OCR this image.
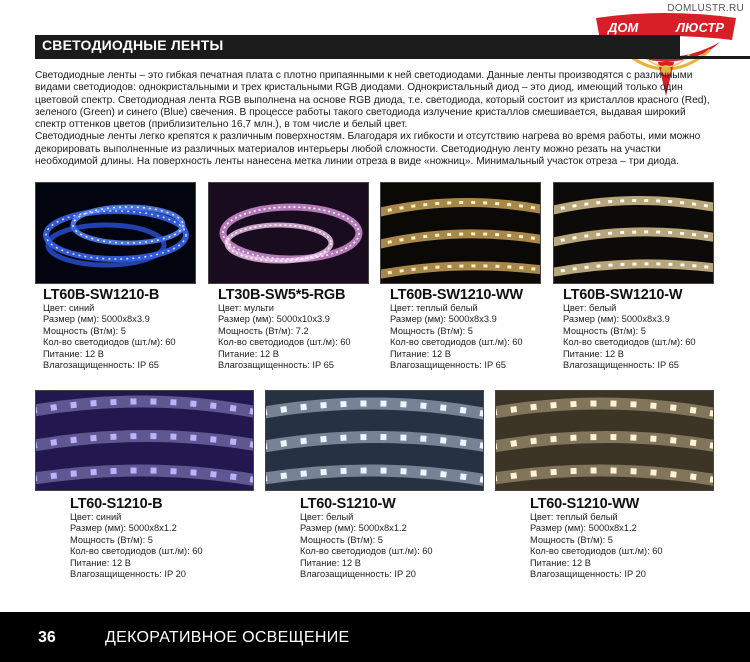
DOMLUSTR.RU
ДОМ	ЛЮСТР
СВЕТОДИОДНЫЕ ЛЕНТЫ

Светодиодные ленты – это гибкая печатная плата с плотно припаянными к ней светодиодами. Данные ленты производятся с различными видами светодиодов: однокристальными и трех кристальными RGB диодами. Однокристальный диод – это диод, имеющий только один цветовой спектр. Светодиодная лента RGB выполнена на основе RGB диода, т.е. светодиода, который состоит из кристаллов красного (Red), зеленого (Green) и синего (Blue) свечения. В процессе работы такого светодиода излучение кристаллов смешивается, выдавая широкий спектр оттенков цветов (приблизительно 16,7 млн.), в том числе и белый цвет.

Светодиодные ленты легко крепятся к различным поверхностям. Благодаря их гибкости и отсутствию нагрева во время работы, ими можно декорировать выполненные из различных материалов интерьеры любой сложности. Светодиодную ленту можно резать на участки необходимой длины. На поверхность ленты нанесена метка линии отреза в виде «ножниц». Минимальный участок отреза – три диода.

LT60B-SW1210-B
Цвет: синий
Размер (мм): 5000x8x3.9
Мощность (Вт/м): 5
Кол-во светодиодов (шт./м): 60
Питание: 12 В
Влагозащищенность: IP 65
LT30B-SW5*5-RGB
Цвет: мульти
Размер (мм): 5000x10x3.9
Мощность (Вт/м): 7.2
Кол-во светодиодов (шт./м): 60
Питание: 12 В
Влагозащищенность: IP 65
LT60B-SW1210-WW
Цвет: теплый белый
Размер (мм): 5000x8x3.9
Мощность (Вт/м): 5
Кол-во светодиодов (шт./м): 60
Питание: 12 В
Влагозащищенность: IP 65
LT60B-SW1210-W
Цвет: белый
Размер (мм): 5000x8x3.9
Мощность (Вт/м): 5
Кол-во светодиодов (шт./м): 60
Питание: 12 В
Влагозащищенность: IP 65
LT60-S1210-B
Цвет: синий
Размер (мм): 5000x8x1.2
Мощность (Вт/м): 5
Кол-во светодиодов (шт./м): 60
Питание: 12 В
Влагозащищенность: IP 20
LT60-S1210-W
Цвет: белый
Размер (мм): 5000x8x1.2
Мощность (Вт/м): 5
Кол-во светодиодов (шт./м): 60
Питание: 12 В
Влагозащищенность: IP 20
LT60-S1210-WW
Цвет: теплый белый
Размер (мм): 5000x8x1.2
Мощность (Вт/м): 5
Кол-во светодиодов (шт./м): 60
Питание: 12 В
Влагозащищенность: IP 20
36	ДЕКОРАТИВНОЕ ОСВЕЩЕНИЕ
